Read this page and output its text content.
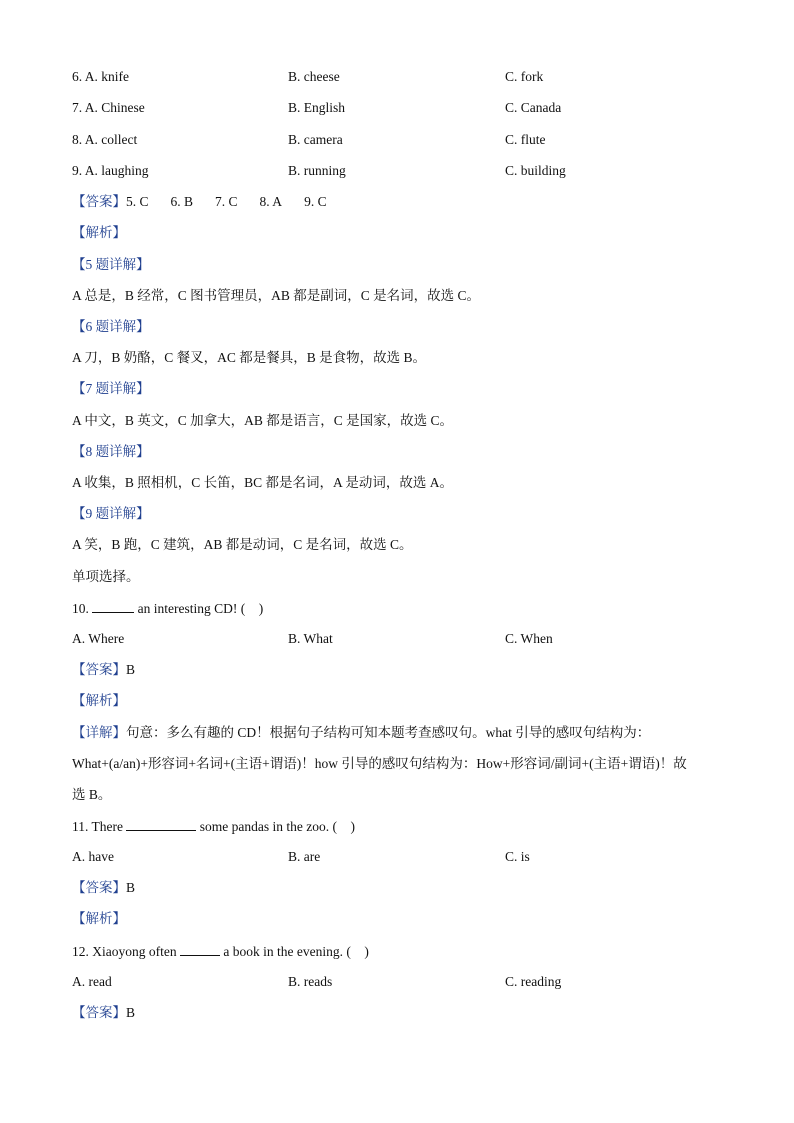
6. A. knife	B. cheese	C. fork
7. A. Chinese	B. English	C. Canada
8. A. collect	B. camera	C. flute
9. A. laughing	B. running	C. building
【答案】5. C 6. B 7. C 8. A 9. C
【解析】
【5 题详解】
A 总是，B 经常，C 图书管理员，AB 都是副词，C 是名词，故选 C。
【6 题详解】
A 刀，B 奶酪，C 餐叉，AC 都是餐具，B 是食物，故选 B。
【7 题详解】
A 中文，B 英文，C 加拿大，AB 都是语言，C 是国家，故选 C。
【8 题详解】
A 收集，B 照相机，C 长笛，BC 都是名词，A 是动词，故选 A。
【9 题详解】
A 笑，B 跑，C 建筑，AB 都是动词，C 是名词，故选 C。
单项选择。
10.	an interesting CD! (　)
A. Where	B. What	C. When
【答案】B
【解析】
【详解】句意：多么有趣的 CD！根据句子结构可知本题考查感叹句。what 引导的感叹句结构为：
What+(a/an)+形容词+名词+(主语+谓语)！how 引导的感叹句结构为：How+形容词/副词+(主语+谓语)！故
选 B。
11. There	some pandas in the zoo. (　)
A. have	B. are	C. is
【答案】B
【解析】
12. Xiaoyong often	a book in the evening. (　)
A. read	B. reads	C. reading
【答案】B
